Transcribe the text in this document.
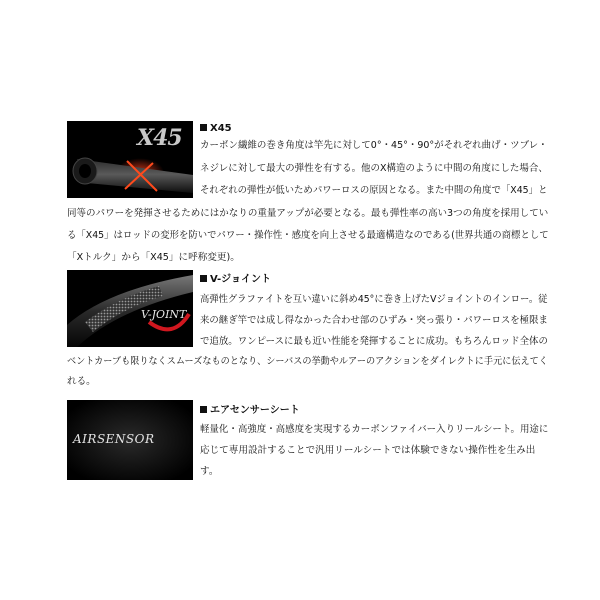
X45	X45
カーボン繊維の巻き角度は竿先に対して0°・45°・90°がそれぞれ曲げ・ツブレ・
ネジレに対して最大の弾性を有する。他のX構造のように中間の角度にした場合、
それぞれの弾性が低いためパワーロスの原因となる。また中間の角度で「X45」と
同等のパワーを発揮させるためにはかなりの重量アップが必要となる。最も弾性率の高い3つの角度を採用してい
る「X45」はロッドの変形を防いでパワー・操作性・感度を向上させる最適構造なのである(世界共通の商標として
「Xトルク」から「X45」に呼称変更)。
V-JOINT
V-ジョイント
高弾性グラファイトを互い違いに斜め45°に巻き上げたVジョイントのインロー。従
来の継ぎ竿では成し得なかった合わせ部のひずみ・突っ張り・パワーロスを極限ま
で追放。ワンピースに最も近い性能を発揮することに成功。もちろんロッド全体の
ベントカーブも限りなくスムーズなものとなり、シーバスの挙動やルアーのアクションをダイレクトに手元に伝えてく
れる。
AIRSENSOR
エアセンサーシート
軽量化・高強度・高感度を実現するカーボンファイバー入りリールシート。用途に
応じて専用設計することで汎用リールシートでは体験できない操作性を生み出
す。
